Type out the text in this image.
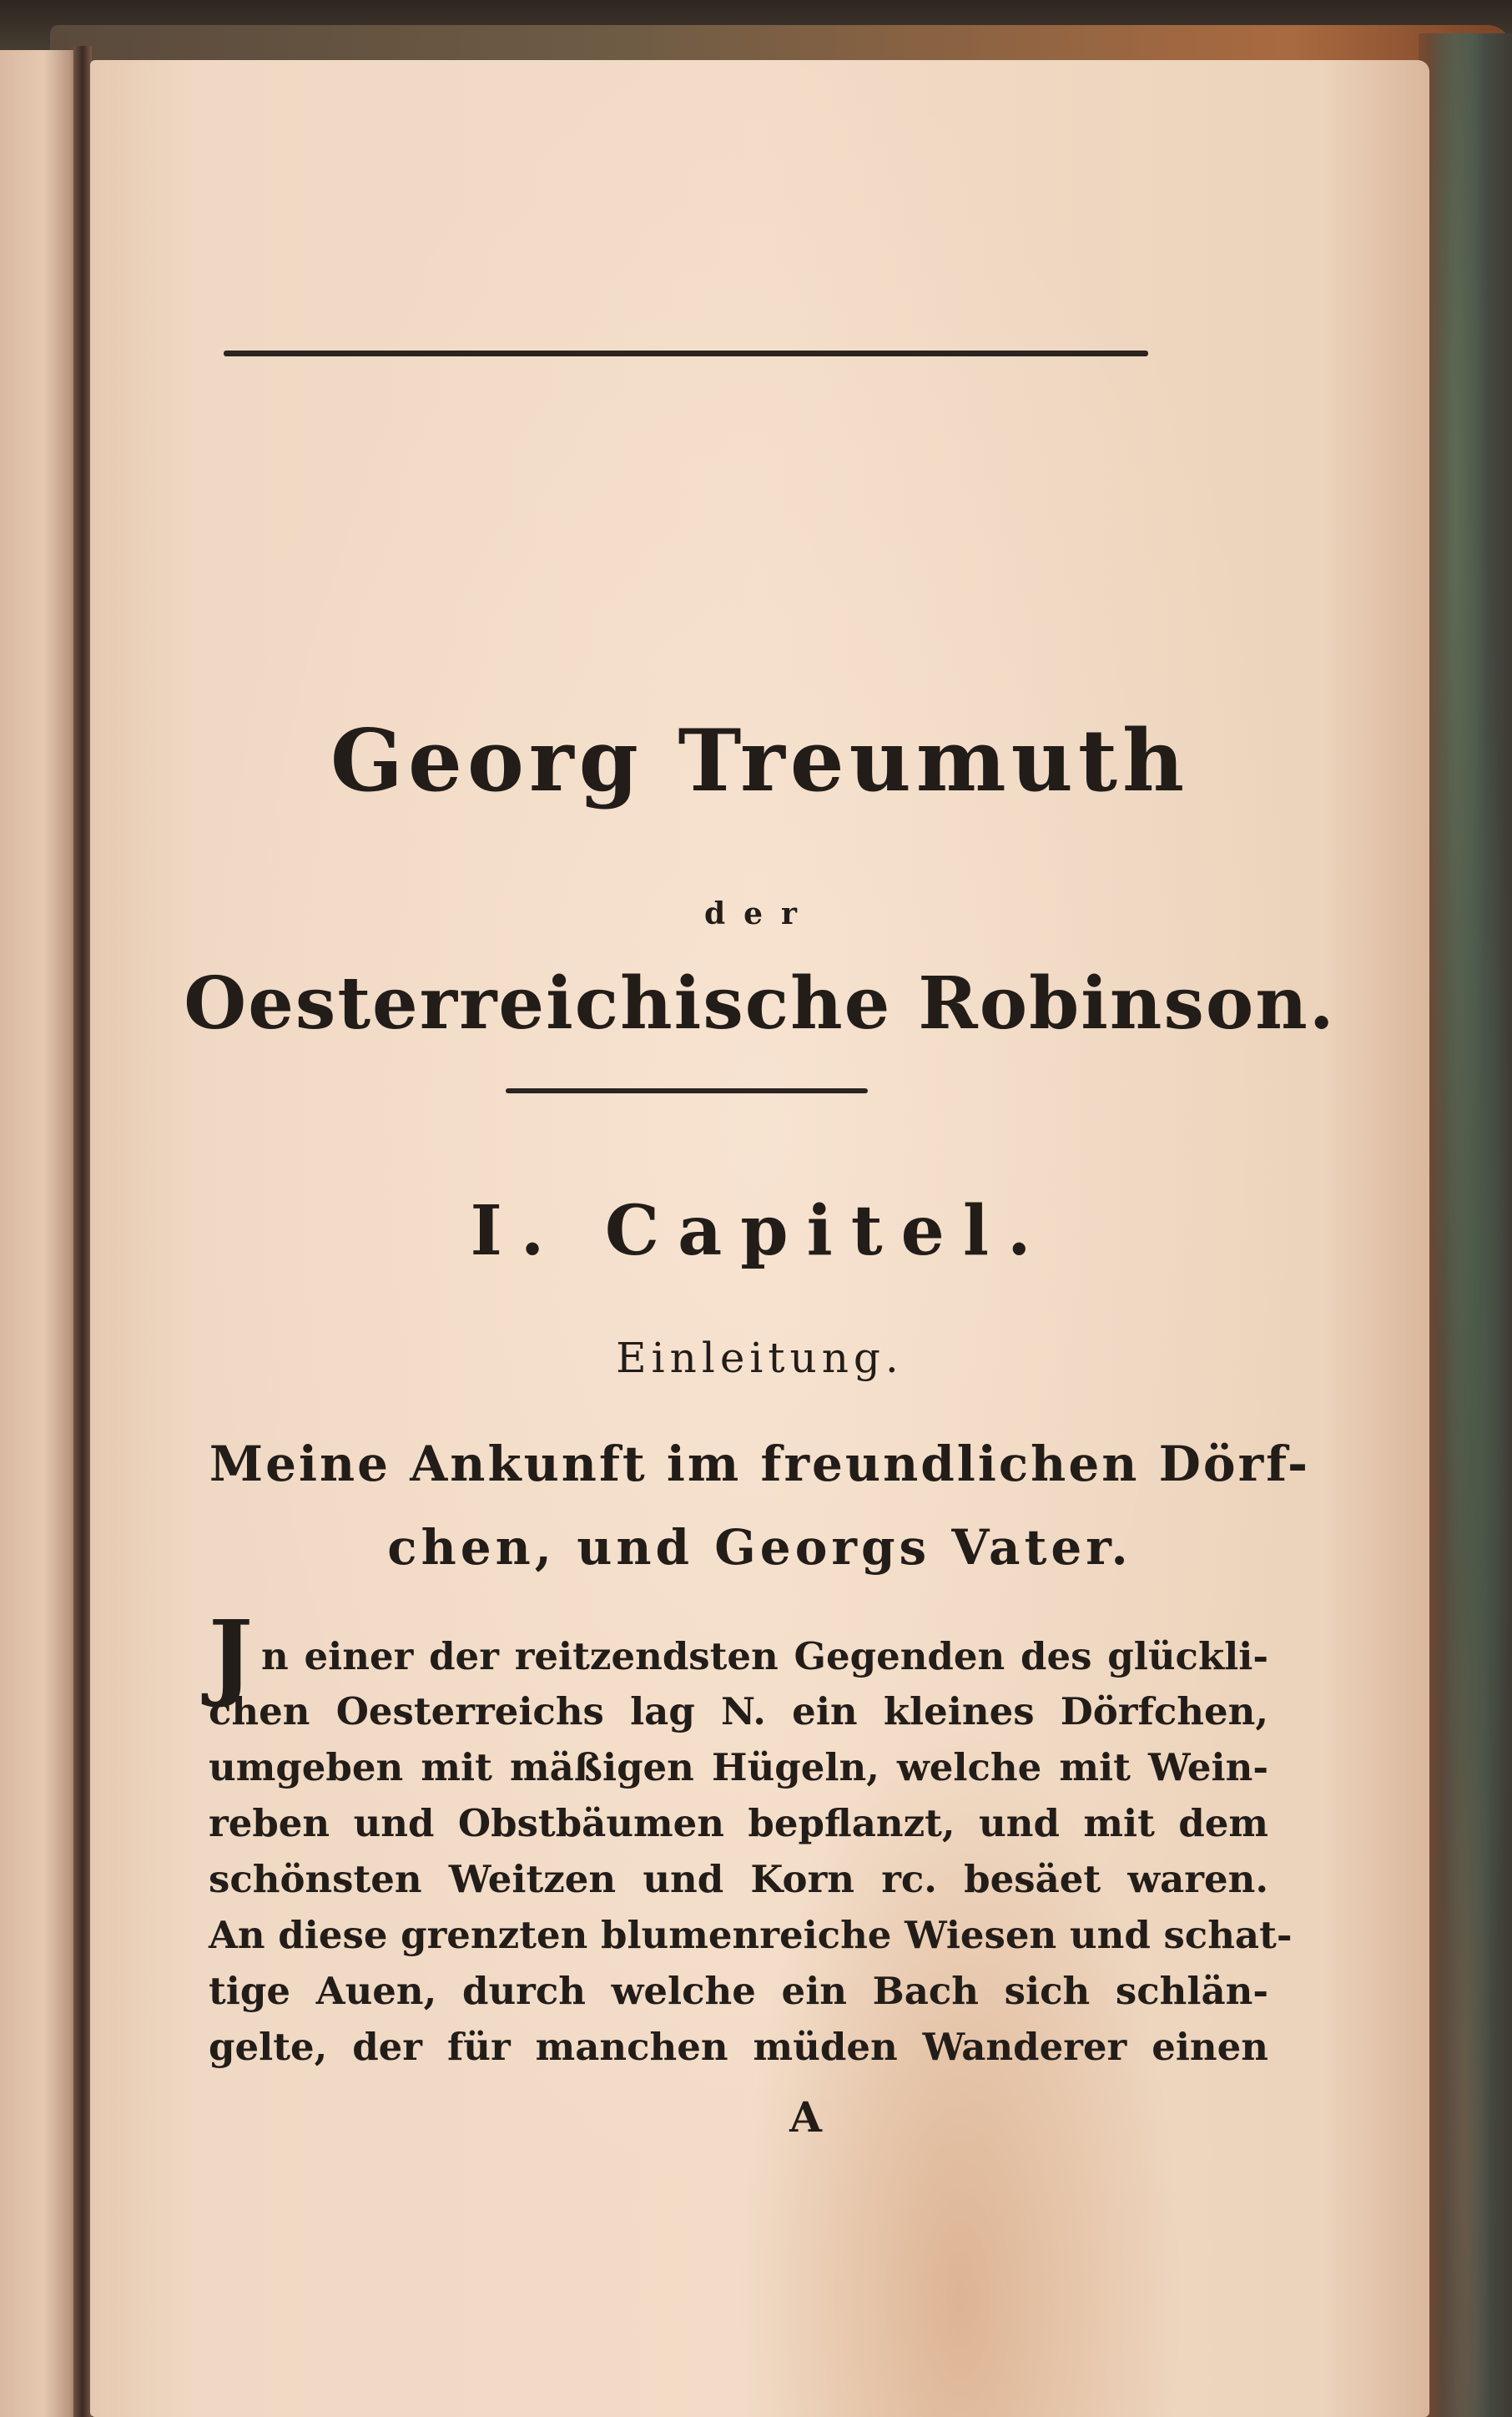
Georg Treumuth
der
Oesterreichische Robinson.
I. Capitel.
Einleitung.
Meine Ankunft im freundlichen Dörf-
chen, und Georgs Vater.
Jn einer der reitzendsten Gegenden des glückli-
chen Oesterreichs lag N. ein kleines Dörfchen,
umgeben mit mäßigen Hügeln, welche mit Wein-
reben und Obstbäumen bepflanzt, und mit dem
schönsten Weitzen und Korn rc. besäet waren.
An diese grenzten blumenreiche Wiesen und schat-
tige Auen, durch welche ein Bach sich schlän-
gelte, der für manchen müden Wanderer einen
A
